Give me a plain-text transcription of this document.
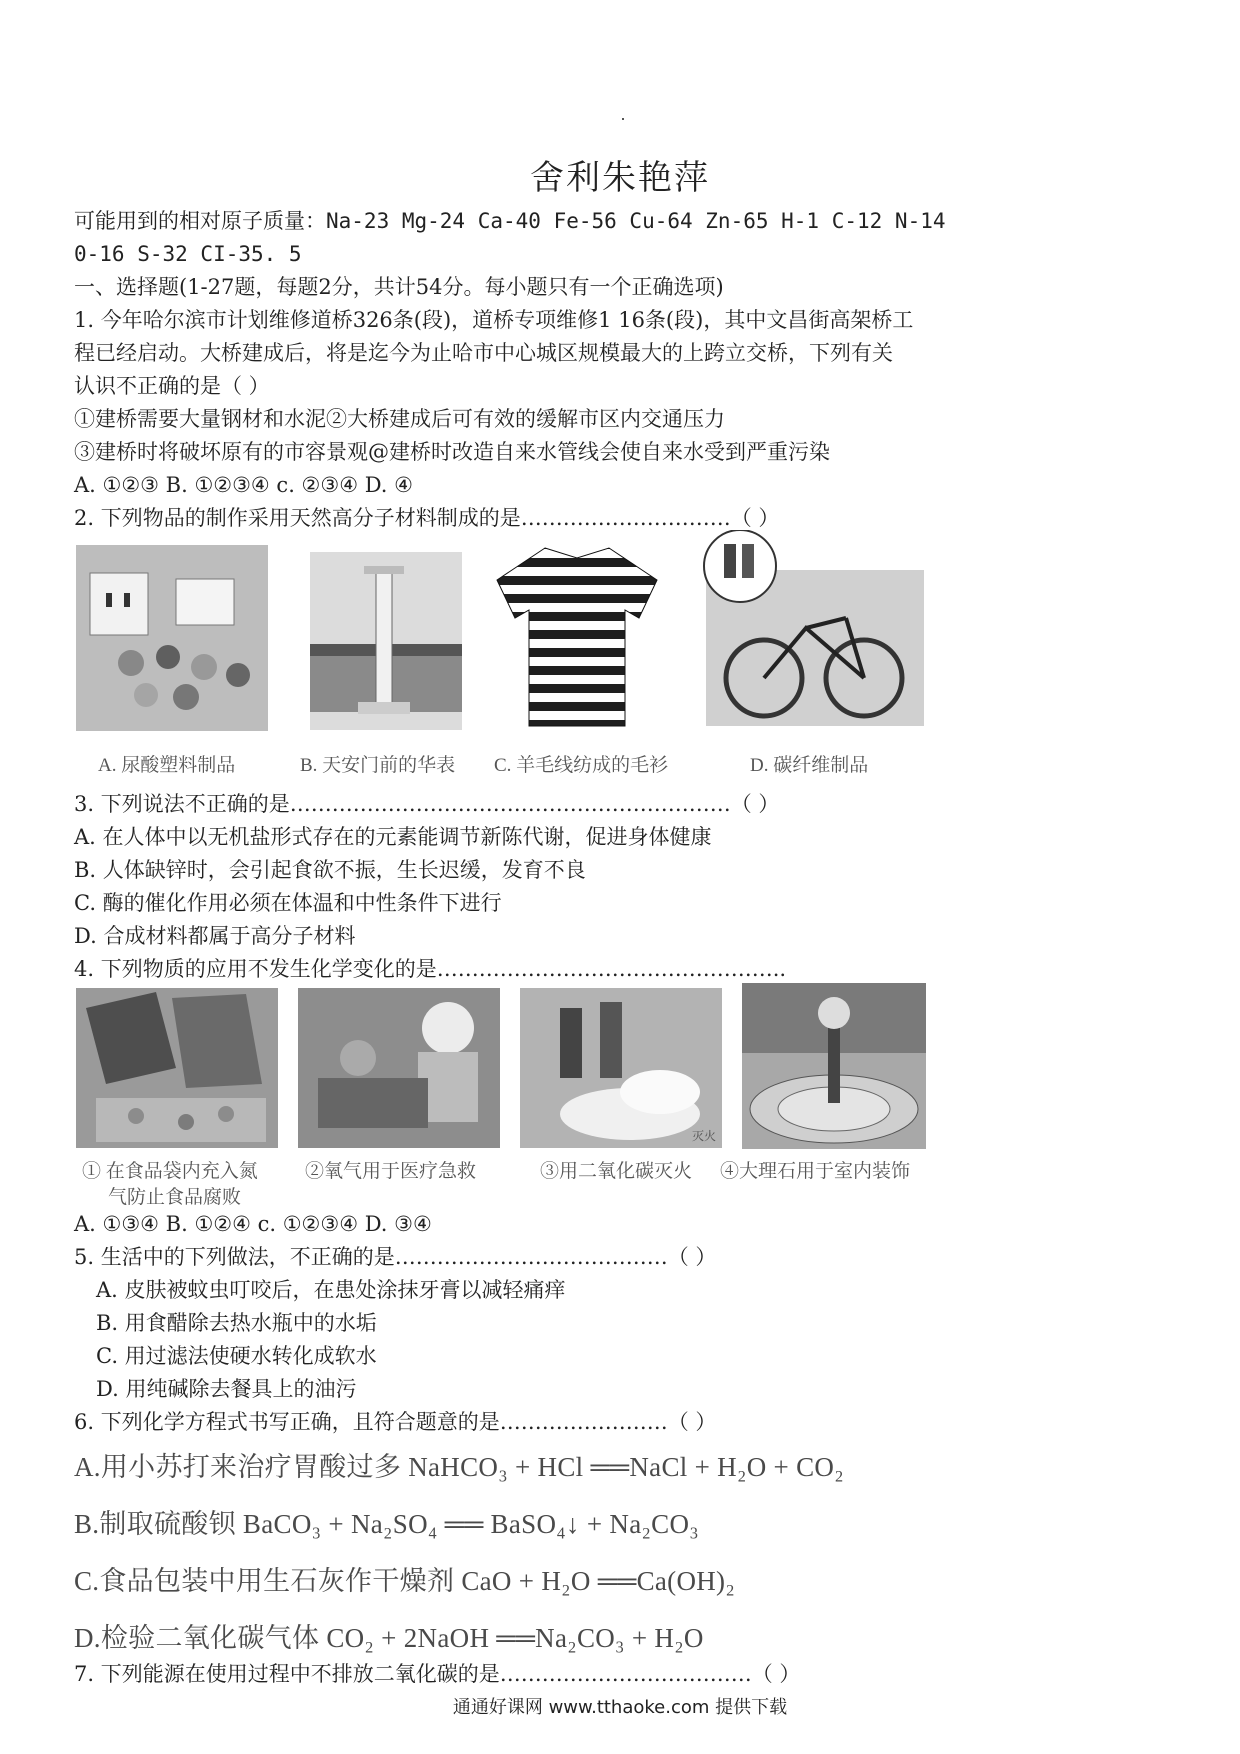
舍利朱艳萍
可能用到的相对原子质量：Na-23 Mg-24 Ca-40 Fe-56 Cu-64 Zn-65 H-1 C-12 N-14
0-16 S-32 CI-35. 5
一、选择题(1-27题，每题2分，共计54分。每小题只有一个正确选项)
1. 今年哈尔滨市计划维修道桥326条(段)，道桥专项维修1 16条(段)，其中文昌街高架桥工
程已经启动。大桥建成后，将是迄今为止哈市中心城区规模最大的上跨立交桥，下列有关
认识不正确的是（ ）
①建桥需要大量钢材和水泥②大桥建成后可有效的缓解市区内交通压力
③建桥时将破坏原有的市容景观@建桥时改造自来水管线会使自来水受到严重污染
A. ①②③ B. ①②③④ c. ②③④ D. ④
2. 下列物品的制作采用天然高分子材料制成的是…………………………（ ）
A. 尿酸塑料制品	B. 天安门前的华表 C. 羊毛线纺成的毛衫	D. 碳纤维制品
3. 下列说法不正确的是………………………………………………………（ ）
A. 在人体中以无机盐形式存在的元素能调节新陈代谢，促进身体健康
B. 人体缺锌时，会引起食欲不振，生长迟缓，发育不良
C. 酶的催化作用必须在体温和中性条件下进行
D. 合成材料都属于高分子材料
4. 下列物质的应用不发生化学变化的是…………………………………………..
灭火
① 在食品袋内充入氮
气防止食品腐败
②氧气用于医疗急救	③用二氧化碳灭火 ④大理石用于室内装饰
A. ①③④ B. ①②④ c. ①②③④ D. ③④
5. 生活中的下列做法，不正确的是…………………………………（ ）
A. 皮肤被蚊虫叮咬后，在患处涂抹牙膏以减轻痛痒
B. 用食醋除去热水瓶中的水垢
C. 用过滤法使硬水转化成软水
D. 用纯碱除去餐具上的油污
6. 下列化学方程式书写正确，且符合题意的是……………………（ ）
A.用小苏打来治疗胃酸过多 NaHCO₃ + HCl ══NaCl + H₂O + CO₂
B.制取硫酸钡 BaCO₃ + Na₂SO₄ ══ BaSO₄↓ + Na₂CO₃
C.食品包装中用生石灰作干燥剂 CaO + H₂O ══Ca(OH)₂
D.检验二氧化碳气体 CO₂ + 2NaOH ══Na₂CO₃ + H₂O
7. 下列能源在使用过程中不排放二氧化碳的是………………………………（ ）
通通好课网 www.tthaoke.com 提供下载
